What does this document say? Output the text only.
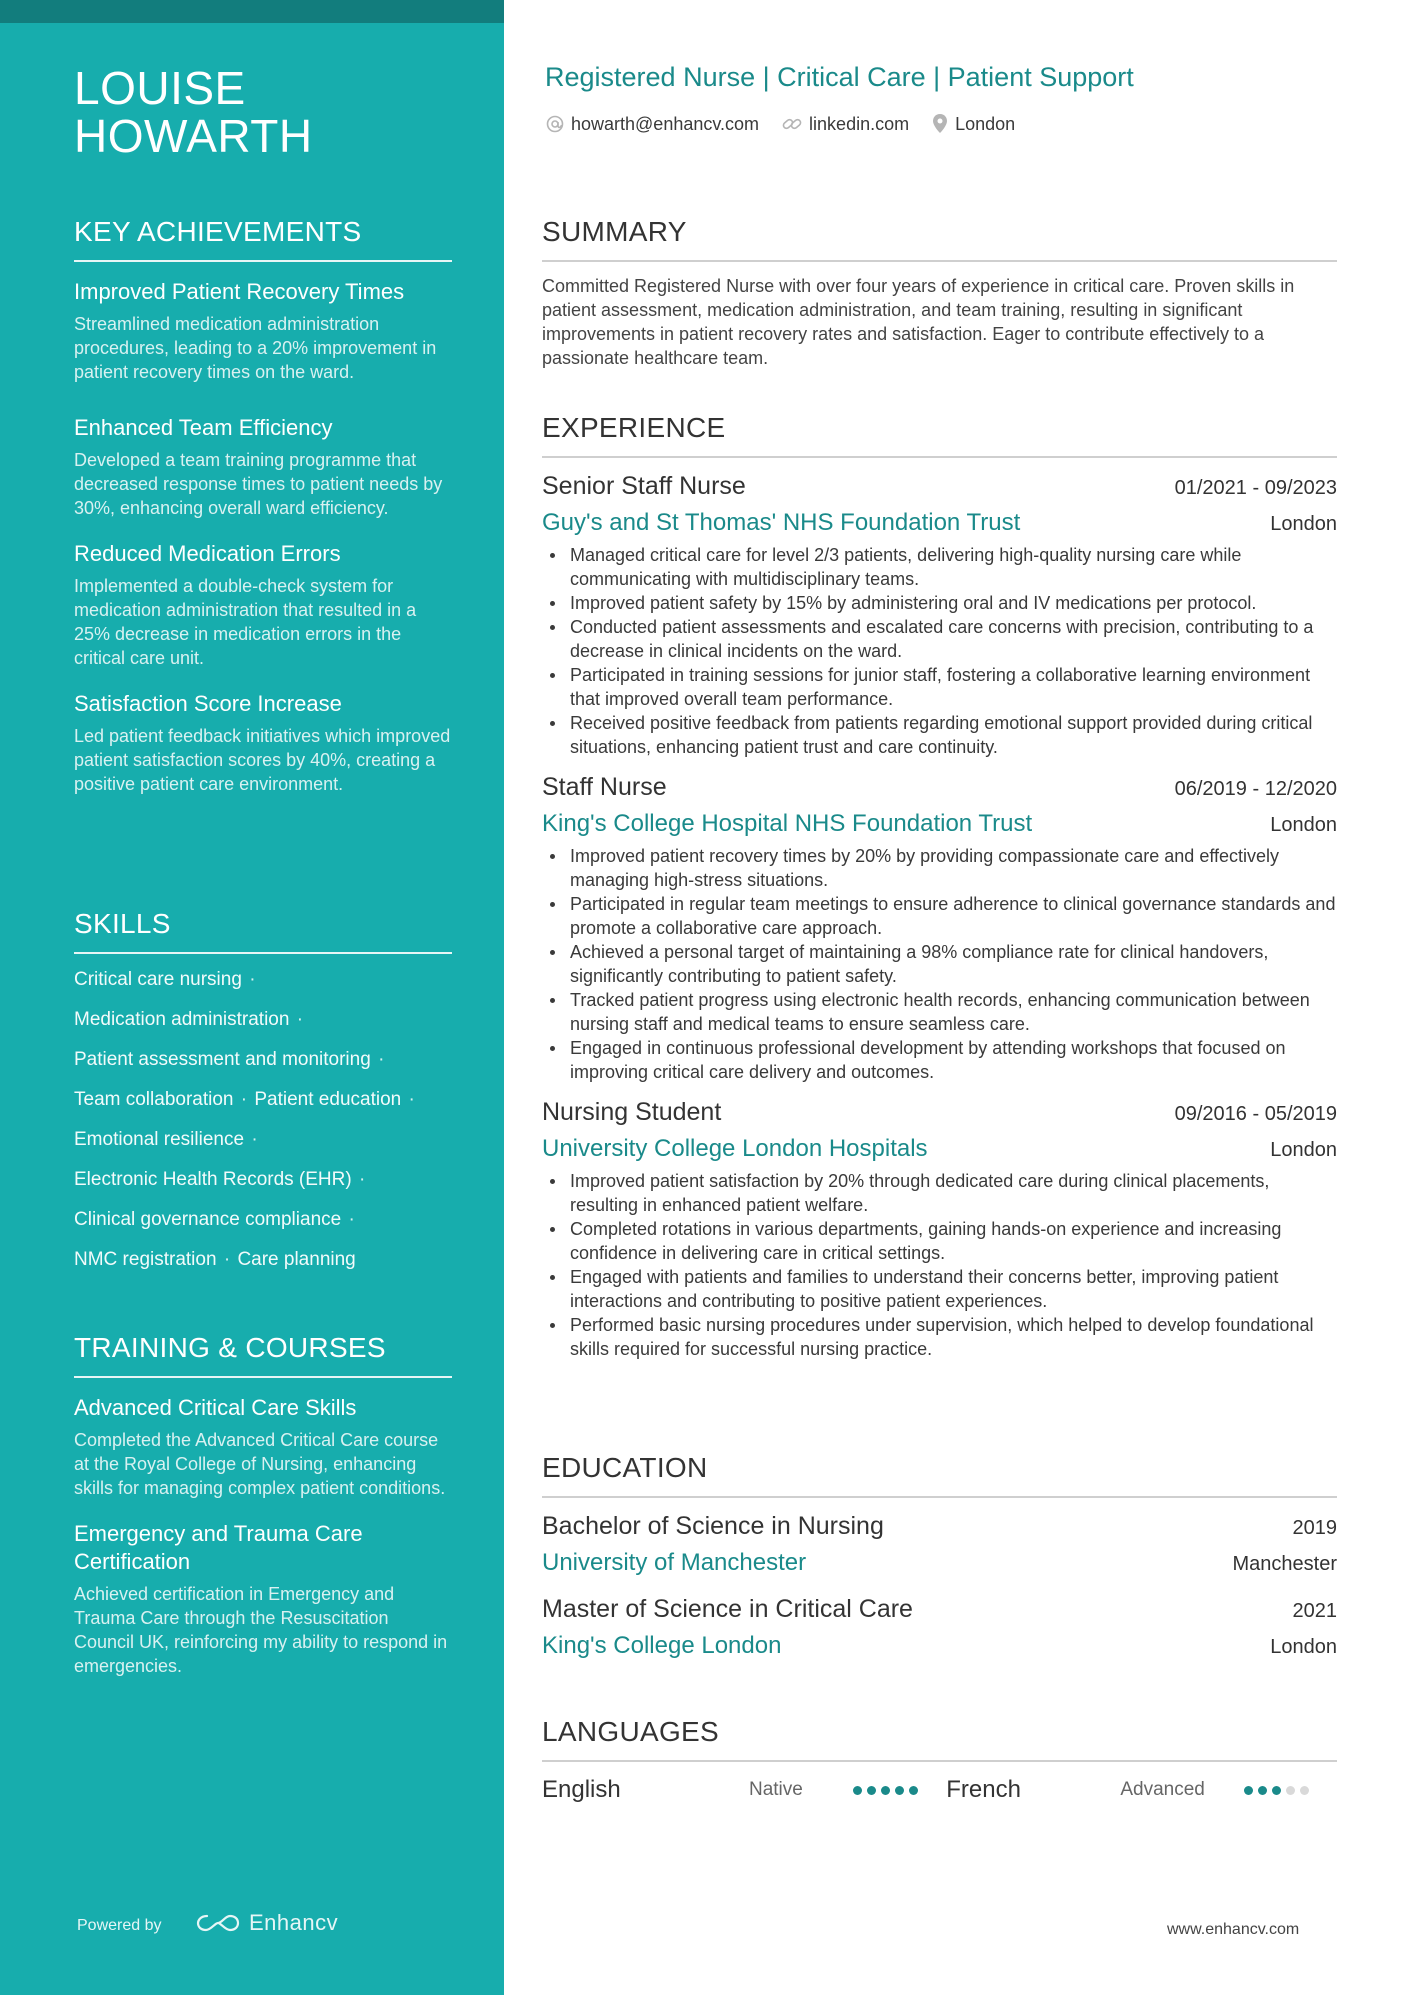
LOUISE
HOWARTH
KEY ACHIEVEMENTS
Improved Patient Recovery Times
Streamlined medication administration procedures, leading to a 20% improvement in patient recovery times on the ward.
Enhanced Team Efficiency
Developed a team training programme that decreased response times to patient needs by 30%, enhancing overall ward efficiency.
Reduced Medication Errors
Implemented a double-check system for medication administration that resulted in a 25% decrease in medication errors in the critical care unit.
Satisfaction Score Increase
Led patient feedback initiatives which improved patient satisfaction scores by 40%, creating a positive patient care environment.
SKILLS
Critical care nursing ·
Medication administration ·
Patient assessment and monitoring ·
Team collaboration · Patient education ·
Emotional resilience ·
Electronic Health Records (EHR) ·
Clinical governance compliance ·
NMC registration · Care planning
TRAINING & COURSES
Advanced Critical Care Skills
Completed the Advanced Critical Care course at the Royal College of Nursing, enhancing skills for managing complex patient conditions.
Emergency and Trauma Care Certification
Achieved certification in Emergency and Trauma Care through the Resuscitation Council UK, reinforcing my ability to respond in emergencies.
Powered by	Enhancv
Registered Nurse | Critical Care | Patient Support
howarth@enhancv.com	linkedin.com	London
SUMMARY
Committed Registered Nurse with over four years of experience in critical care. Proven skills in patient assessment, medication administration, and team training, resulting in significant improvements in patient recovery rates and satisfaction. Eager to contribute effectively to a passionate healthcare team.
EXPERIENCE
Senior Staff Nurse	01/2021 - 09/2023
Guy's and St Thomas' NHS Foundation Trust	London
Managed critical care for level 2/3 patients, delivering high-quality nursing care while communicating with multidisciplinary teams.
Improved patient safety by 15% by administering oral and IV medications per protocol.
Conducted patient assessments and escalated care concerns with precision, contributing to a decrease in clinical incidents on the ward.
Participated in training sessions for junior staff, fostering a collaborative learning environment that improved overall team performance.
Received positive feedback from patients regarding emotional support provided during critical situations, enhancing patient trust and care continuity.
Staff Nurse	06/2019 - 12/2020
King's College Hospital NHS Foundation Trust	London
Improved patient recovery times by 20% by providing compassionate care and effectively managing high-stress situations.
Participated in regular team meetings to ensure adherence to clinical governance standards and promote a collaborative care approach.
Achieved a personal target of maintaining a 98% compliance rate for clinical handovers, significantly contributing to patient safety.
Tracked patient progress using electronic health records, enhancing communication between nursing staff and medical teams to ensure seamless care.
Engaged in continuous professional development by attending workshops that focused on improving critical care delivery and outcomes.
Nursing Student	09/2016 - 05/2019
University College London Hospitals	London
Improved patient satisfaction by 20% through dedicated care during clinical placements, resulting in enhanced patient welfare.
Completed rotations in various departments, gaining hands-on experience and increasing confidence in delivering care in critical settings.
Engaged with patients and families to understand their concerns better, improving patient interactions and contributing to positive patient experiences.
Performed basic nursing procedures under supervision, which helped to develop foundational skills required for successful nursing practice.
EDUCATION
Bachelor of Science in Nursing	2019
University of Manchester	Manchester
Master of Science in Critical Care	2021
King's College London	London
LANGUAGES
English	Native	French	Advanced
www.enhancv.com
